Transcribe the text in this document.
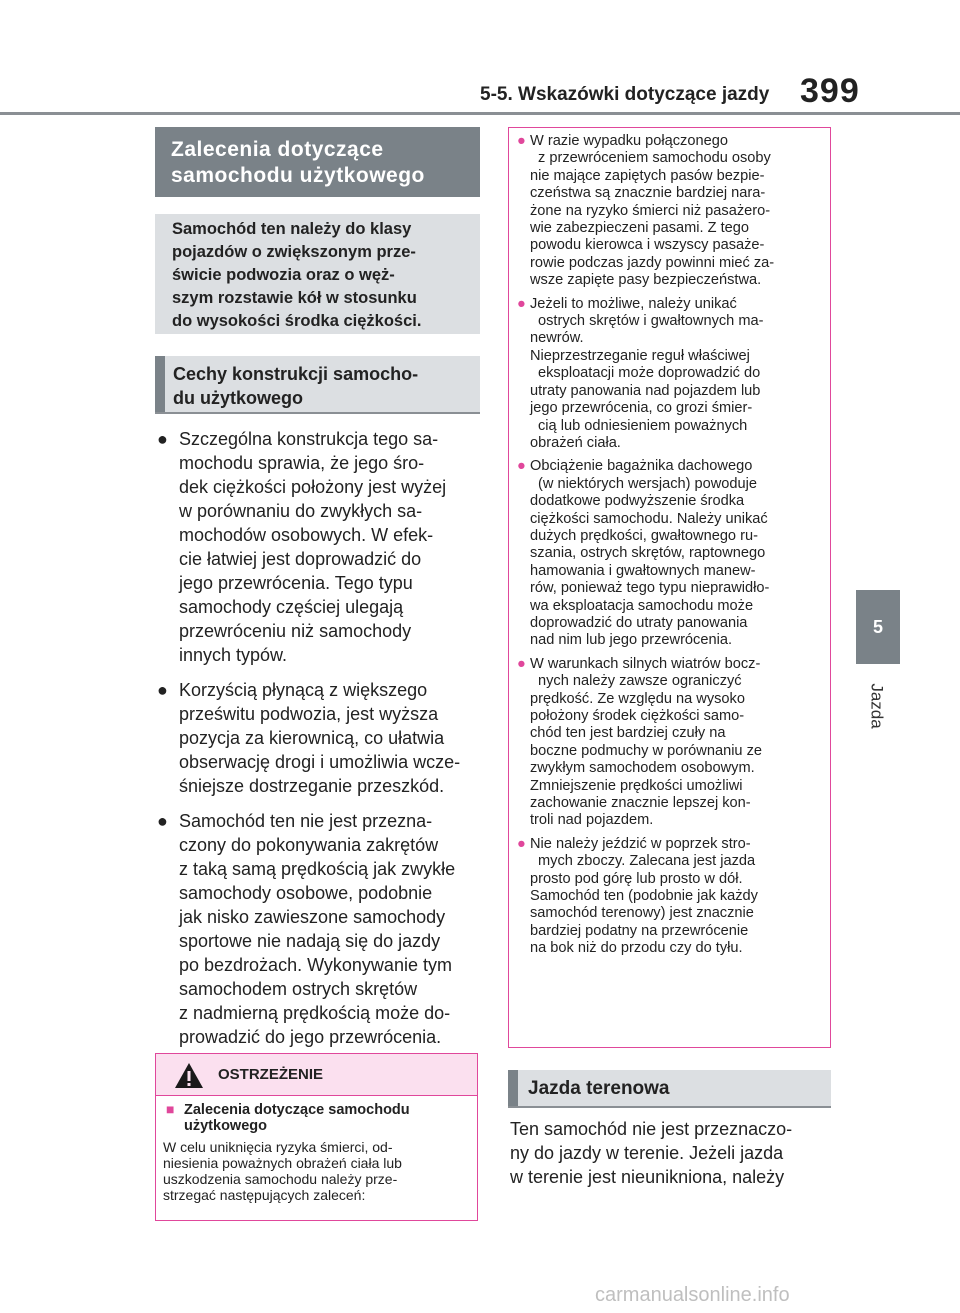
5-5. Wskazówki dotyczące jazdy 399
5
Jazda
Zalecenia dotyczące
samochodu użytkowego
Samochód ten należy do klasy
pojazdów o zwiększonym prze-
świcie podwozia oraz o węż-
szym rozstawie kół w stosunku
do wysokości środka ciężkości.
Cechy konstrukcji samocho-
du użytkowego
● Szczególna konstrukcja tego sa-
mochodu sprawia, że jego śro-
dek ciężkości położony jest wyżej
w porównaniu do zwykłych sa-
mochodów osobowych. W efek-
cie łatwiej jest doprowadzić do
jego przewrócenia. Tego typu
samochody częściej ulegają
przewróceniu niż samochody
innych typów.
● Korzyścią płynącą z większego
prześwitu podwozia, jest wyższa
pozycja za kierownicą, co ułatwia
obserwację drogi i umożliwia wcze-
śniejsze dostrzeganie przeszkód.
● Samochód ten nie jest przezna-
czony do pokonywania zakrętów
z taką samą prędkością jak zwykłe
samochody osobowe, podobnie
jak nisko zawieszone samochody
sportowe nie nadają się do jazdy
po bezdrożach. Wykonywanie tym
samochodem ostrych skrętów
z nadmierną prędkością może do-
prowadzić do jego przewrócenia.
OSTRZEŻENIE
■ Zalecenia dotyczące samochodu
użytkowego
W celu uniknięcia ryzyka śmierci, od-
niesienia poważnych obrażeń ciała lub
uszkodzenia samochodu należy prze-
strzegać następujących zaleceń:
● W razie wypadku połączonego
z przewróceniem samochodu osoby
nie mające zapiętych pasów bezpie-
czeństwa są znacznie bardziej nara-
żone na ryzyko śmierci niż pasażero-
wie zabezpieczeni pasami. Z tego
powodu kierowca i wszyscy pasaże-
rowie podczas jazdy powinni mieć za-
wsze zapięte pasy bezpieczeństwa.
● Jeżeli to możliwe, należy unikać
ostrych skrętów i gwałtownych ma-
newrów.
Nieprzestrzeganie reguł właściwej
eksploatacji może doprowadzić do
utraty panowania nad pojazdem lub
jego przewrócenia, co grozi śmier-
cią lub odniesieniem poważnych
obrażeń ciała.
● Obciążenie bagażnika dachowego
(w niektórych wersjach) powoduje
dodatkowe podwyższenie środka
ciężkości samochodu. Należy unikać
dużych prędkości, gwałtownego ru-
szania, ostrych skrętów, raptownego
hamowania i gwałtownych manew-
rów, ponieważ tego typu nieprawidło-
wa eksploatacja samochodu może
doprowadzić do utraty panowania
nad nim lub jego przewrócenia.
● W warunkach silnych wiatrów bocz-
nych należy zawsze ograniczyć
prędkość. Ze względu na wysoko
położony środek ciężkości samo-
chód ten jest bardziej czuły na
boczne podmuchy w porównaniu ze
zwykłym samochodem osobowym.
Zmniejszenie prędkości umożliwi
zachowanie znacznie lepszej kon-
troli nad pojazdem.
● Nie należy jeździć w poprzek stro-
mych zboczy. Zalecana jest jazda
prosto pod górę lub prosto w dół.
Samochód ten (podobnie jak każdy
samochód terenowy) jest znacznie
bardziej podatny na przewrócenie
na bok niż do przodu czy do tyłu.
Jazda terenowa
Ten samochód nie jest przeznaczo-
ny do jazdy w terenie. Jeżeli jazda
w terenie jest nieunikniona, należy
carmanualsonline.info
